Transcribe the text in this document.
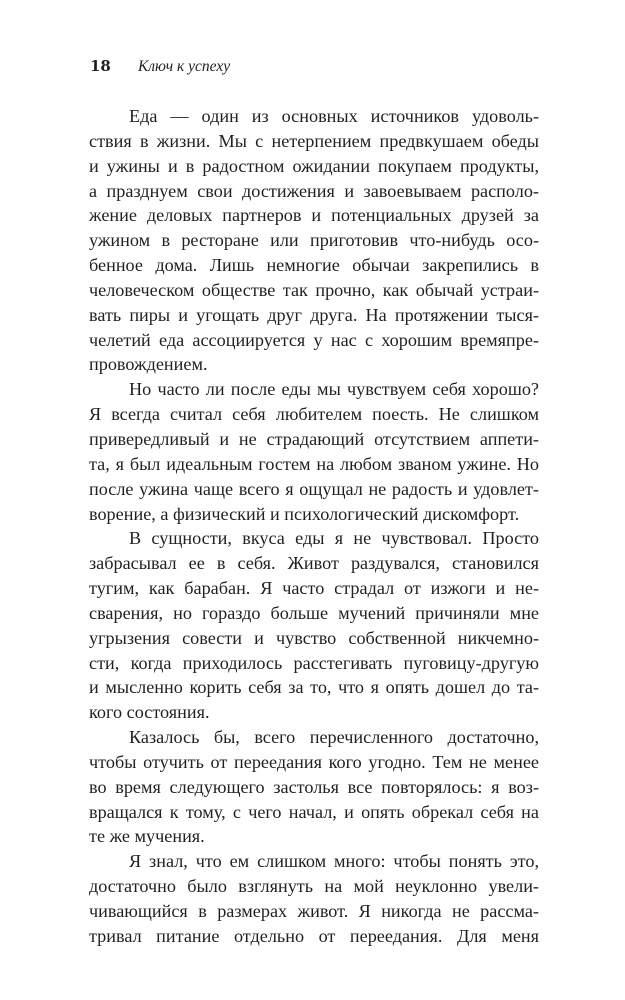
18	Ключ к успеху

Еда — один из основных источников удоволь-
ствия в жизни. Мы с нетерпением предвкушаем обеды
и ужины и в радостном ожидании покупаем продукты,
а празднуем свои достижения и завоевываем располо-
жение деловых партнеров и потенциальных друзей за
ужином в ресторане или приготовив что-нибудь осо-
бенное дома. Лишь немногие обычаи закрепились в
человеческом обществе так прочно, как обычай устраи-
вать пиры и угощать друг друга. На протяжении тыся-
челетий еда ассоциируется у нас с хорошим времяпре-
провождением.

Но часто ли после еды мы чувствуем себя хорошо?
Я всегда считал себя любителем поесть. Не слишком
привередливый и не страдающий отсутствием аппети-
та, я был идеальным гостем на любом званом ужине. Но
после ужина чаще всего я ощущал не радость и удовлет-
ворение, а физический и психологический дискомфорт.

В сущности, вкуса еды я не чувствовал. Просто
забрасывал ее в себя. Живот раздувался, становился
тугим, как барабан. Я часто страдал от изжоги и не-
сварения, но гораздо больше мучений причиняли мне
угрызения совести и чувство собственной никчемно-
сти, когда приходилось расстегивать пуговицу-другую
и мысленно корить себя за то, что я опять дошел до та-
кого состояния.

Казалось бы, всего перечисленного достаточно,
чтобы отучить от переедания кого угодно. Тем не менее
во время следующего застолья все повторялось: я воз-
вращался к тому, с чего начал, и опять обрекал себя на
те же мучения.

Я знал, что ем слишком много: чтобы понять это,
достаточно было взглянуть на мой неуклонно увели-
чивающийся в размерах живот. Я никогда не рассма-
тривал питание отдельно от переедания. Для меня
